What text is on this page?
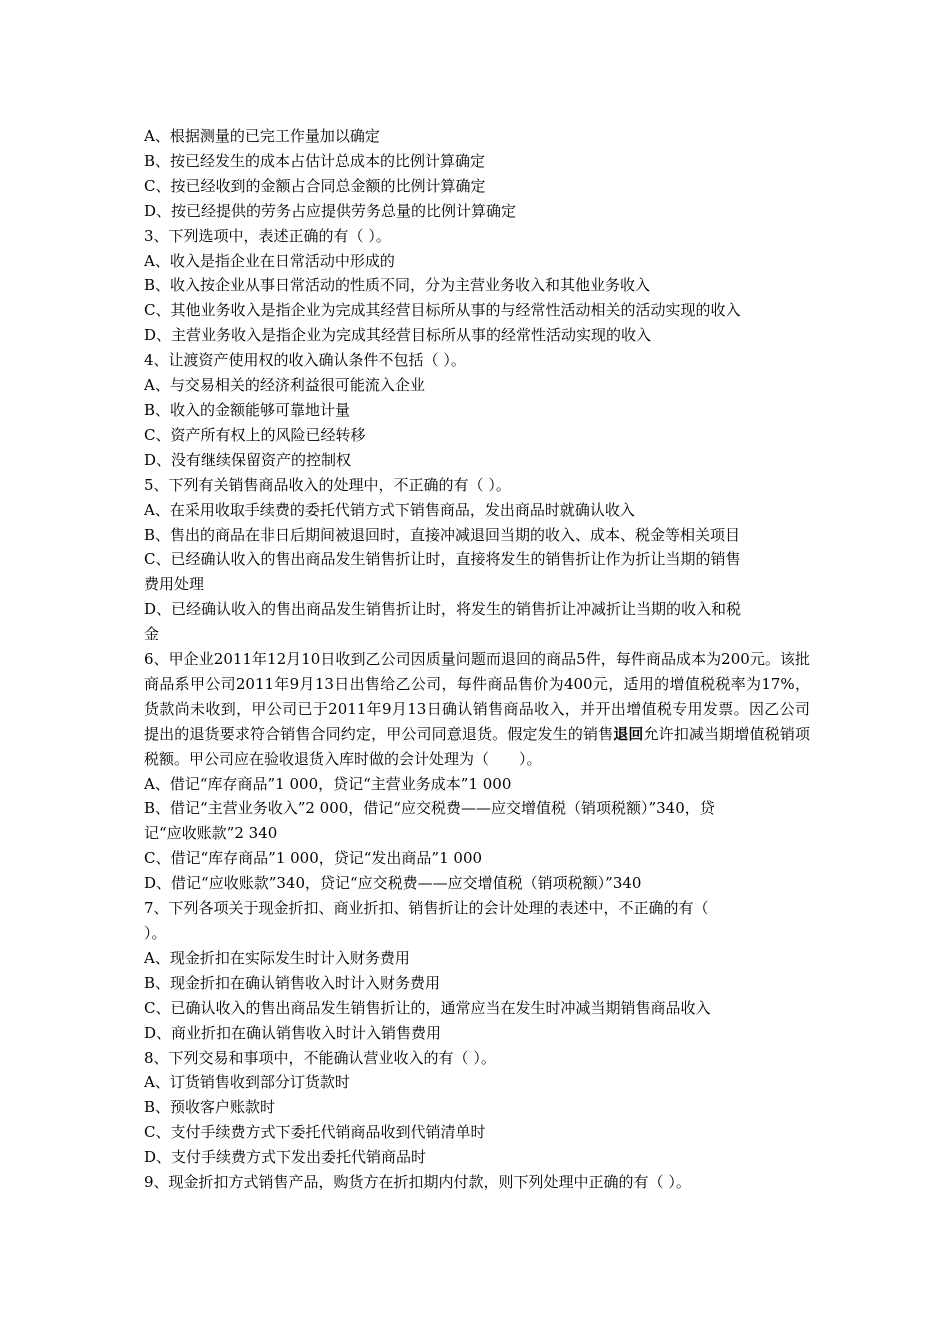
A、根据测量的已完工作量加以确定

B、按已经发生的成本占估计总成本的比例计算确定

C、按已经收到的金额占合同总金额的比例计算确定

D、按已经提供的劳务占应提供劳务总量的比例计算确定

3、下列选项中，表述正确的有（ ）。

A、收入是指企业在日常活动中形成的

B、收入按企业从事日常活动的性质不同，分为主营业务收入和其他业务收入

C、其他业务收入是指企业为完成其经营目标所从事的与经常性活动相关的活动实现的收入

D、主营业务收入是指企业为完成其经营目标所从事的经常性活动实现的收入

4、让渡资产使用权的收入确认条件不包括（ ）。

A、与交易相关的经济利益很可能流入企业

B、收入的金额能够可靠地计量

C、资产所有权上的风险已经转移

D、没有继续保留资产的控制权

5、下列有关销售商品收入的处理中，不正确的有（ ）。

A、在采用收取手续费的委托代销方式下销售商品，发出商品时就确认收入

B、售出的商品在非日后期间被退回时，直接冲减退回当期的收入、成本、税金等相关项目

C、已经确认收入的售出商品发生销售折让时，直接将发生的销售折让作为折让当期的销售

费用处理

D、已经确认收入的售出商品发生销售折让时，将发生的销售折让冲减折让当期的收入和税

金

6、甲企业2011年12月10日收到乙公司因质量问题而退回的商品5件，每件商品成本为200元。该批商品系甲公司2011年9月13日出售给乙公司，每件商品售价为400元，适用的增值税税率为17%，货款尚未收到，甲公司已于2011年9月13日确认销售商品收入，并开出增值税专用发票。因乙公司提出的退货要求符合销售合同约定，甲公司同意退货。假定发生的销售退回允许扣减当期增值税销项税额。甲公司应在验收退货入库时做的会计处理为（　　）。

A、借记“库存商品”1 000，贷记“主营业务成本”1 000

B、借记“主营业务收入”2 000，借记“应交税费——应交增值税（销项税额）”340，贷

记“应收账款”2 340

C、借记“库存商品”1 000，贷记“发出商品”1 000

D、借记“应收账款”340，贷记“应交税费——应交增值税（销项税额）”340

7、下列各项关于现金折扣、商业折扣、销售折让的会计处理的表述中，不正确的有（

）。

A、现金折扣在实际发生时计入财务费用

B、现金折扣在确认销售收入时计入财务费用

C、已确认收入的售出商品发生销售折让的，通常应当在发生时冲减当期销售商品收入

D、商业折扣在确认销售收入时计入销售费用

8、下列交易和事项中，不能确认营业收入的有（ ）。

A、订货销售收到部分订货款时

B、预收客户账款时

C、支付手续费方式下委托代销商品收到代销清单时

D、支付手续费方式下发出委托代销商品时

9、现金折扣方式销售产品，购货方在折扣期内付款，则下列处理中正确的有（ ）。
